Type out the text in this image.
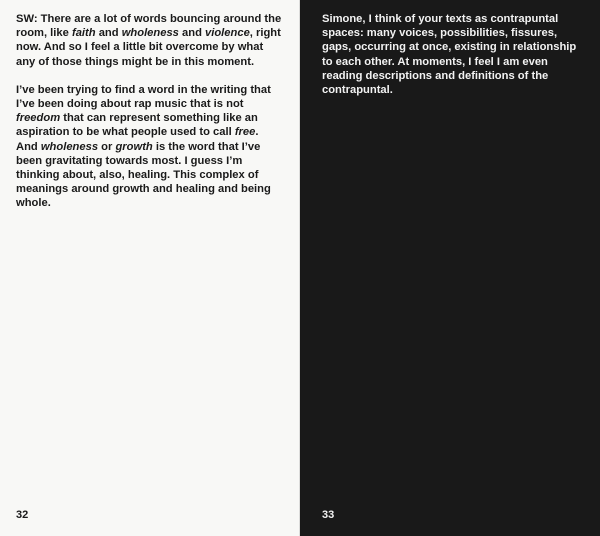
SW: There are a lot of words bouncing around the room, like faith and wholeness and violence, right now. And so I feel a little bit overcome by what any of those things might be in this moment.

I’ve been trying to find a word in the writing that I’ve been doing about rap music that is not freedom that can represent something like an aspiration to be what people used to call free. And wholeness or growth is the word that I’ve been gravitating towards most. I guess I’m thinking about, also, healing. This complex of meanings around growth and healing and being whole.

32

Simone, I think of your texts as contrapuntal spaces: many voices, possibilities, fissures, gaps, occurring at once, existing in relationship to each other. At moments, I feel I am even reading descriptions and definitions of the contrapuntal.

33
